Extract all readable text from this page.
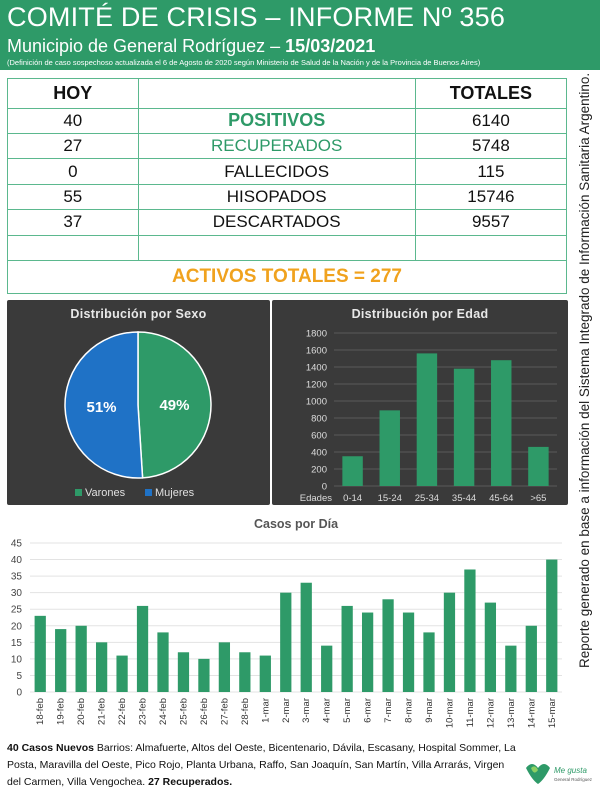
COMITÉ DE CRISIS – INFORME Nº 356
Municipio de General Rodríguez – 15/03/2021
(Definición de caso sospechoso actualizada el 6 de Agosto de 2020 según Ministerio de Salud de la Nación y de la Provincia de Buenos Aires)
HOY		TOTALES
40	POSITIVOS	6140
27	RECUPERADOS	5748
0	FALLECIDOS	115
55	HISOPADOS	15746
37	DESCARTADOS	9557

ACTIVOS TOTALES = 277			Reporte generado en base a información del Sistema Integrado de Información Sanitaria Argentino.
Distribución por Sexo
49%
51%
Varones	Mujeres
Distribución por Edad
0
200
400
600
800
1000
1200
1400
1600
1800
0-14 15-24 25-34 35-44 45-64 >65
Edades
Casos por Día
0
5
10
15
20
25
30
35
40
45
18-feb 19-feb 20-feb 21-feb 22-feb 23-feb 24-feb 25-feb 26-feb 27-feb 28-feb 1-mar 2-mar 3-mar 4-mar 5-mar 6-mar 7-mar 8-mar 9-mar 10-mar 11-mar 12-mar 13-mar 14-mar 15-mar
40 Casos Nuevos Barrios: Almafuerte, Altos del Oeste, Bicentenario, Dávila, Escasany, Hospital Sommer, La Posta, Maravilla del Oeste, Pico Rojo, Planta Urbana, Raffo, San Joaquín, San Martín, Villa Arrarás, Virgen del Carmen, Villa Vengochea. 27 Recuperados.
Me gusta
General Rodríguez
